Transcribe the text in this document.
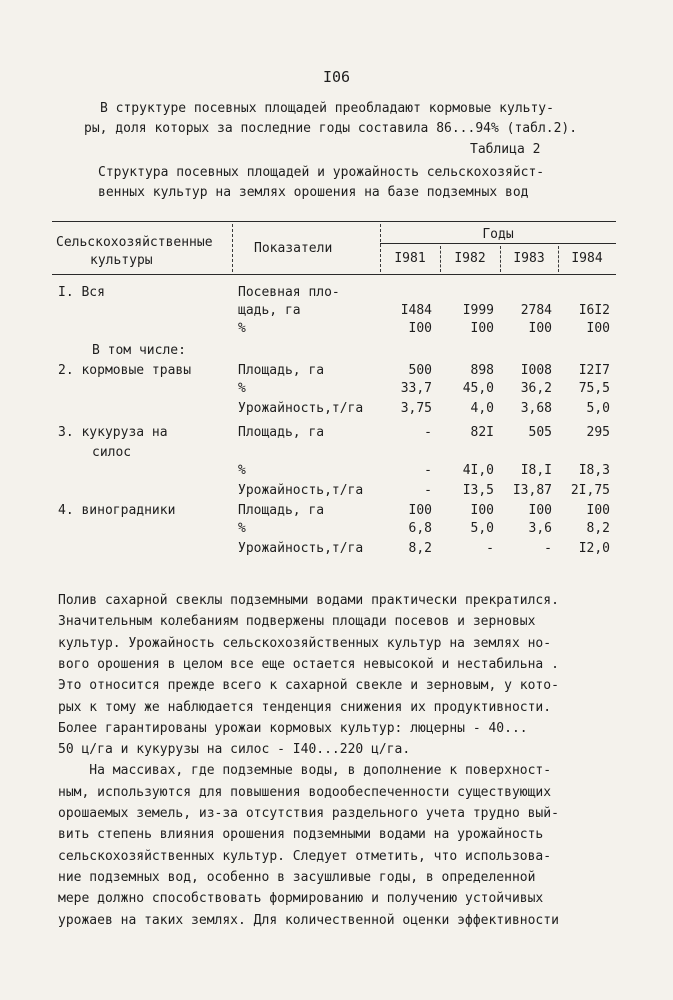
I06
В структуре посевных площадей преобладают кормовые культу-
ры, доля которых за последние годы составила 86...94% (табл.2).
Таблица 2
Структура посевных площадей и урожайность сельскохозяйст-
венных культур на землях орошения на базе подземных вод
Сельскохозяйственные
культуры
Показатели
Годы
I981	I982	I983	I984
I. Вся	Посевная пло-
щадь, га	I484	I999	2784	I6I2
%	I00	I00	I00	I00
В том числе:
2. кормовые травы	Площадь, га	500	898	I008	I2I7
%	33,7	45,0	36,2	75,5
Урожайность,т/га	3,75	4,0	3,68	5,0
3. кукуруза на	Площадь, га	-	82I	505	295
силос
%	-	4I,0	I8,I	I8,3
Урожайность,т/га	-	I3,5	I3,87	2I,75
4. виноградники	Площадь, га	I00	I00	I00	I00
%	6,8	5,0	3,6	8,2
Урожайность,т/га	8,2	-	-	I2,0
Полив сахарной свеклы подземными водами практически прекратился.
Значительным колебаниям подвержены площади посевов и зерновых
культур. Урожайность сельскохозяйственных культур на землях но-
вого орошения в целом все еще остается невысокой и нестабильна .
Это относится прежде всего к сахарной свекле и зерновым, у кото-
рых к тому же наблюдается тенденция снижения их продуктивности.
Более гарантированы урожаи кормовых культур: люцерны - 40...
50 ц/га и кукурузы на силос - I40...220 ц/га.
На массивах, где подземные воды, в дополнение к поверхност-
ным, используются для повышения водообеспеченности существующих
орошаемых земель, из-за отсутствия раздельного учета трудно вый-
вить степень влияния орошения подземными водами на урожайность
сельскохозяйственных культур. Следует отметить, что использова-
ние подземных вод, особенно в засушливые годы, в определенной
мере должно способствовать формированию и получению устойчивых
урожаев на таких землях. Для количественной оценки эффективности
